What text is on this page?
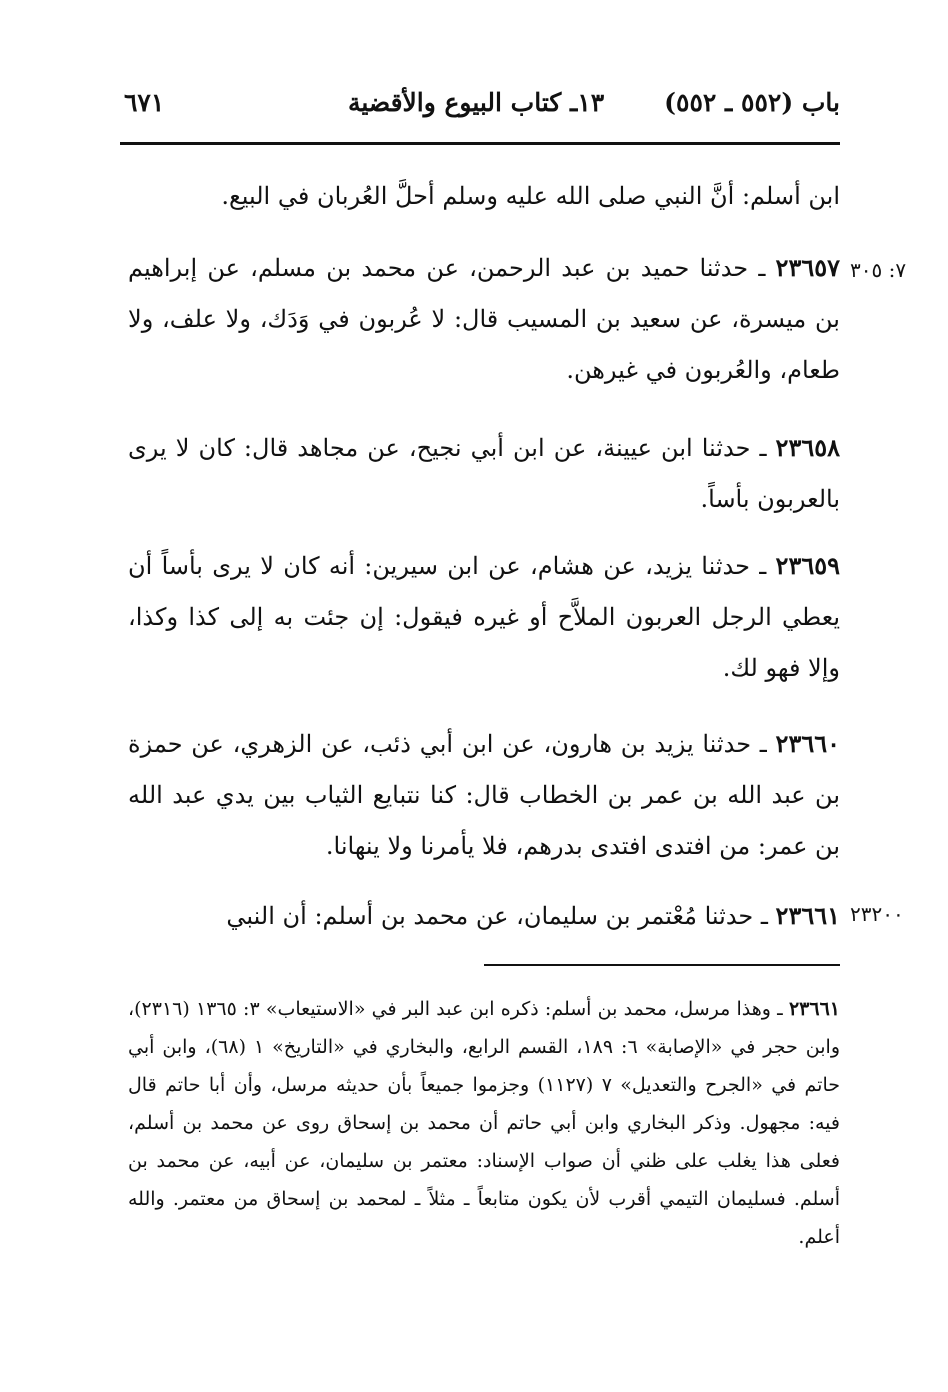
باب (٥٥٢ ـ ٥٥٢)١٣ـ كتاب البيوع والأقضية
٦٧١
٧: ٣٠٥
٢٣٢٠٠

ابن أسلم: أنَّ النبي صلى الله عليه وسلم أحلَّ العُربان في البيع.

٢٣٦٥٧ ـ حدثنا حميد بن عبد الرحمن، عن محمد بن مسلم، عن إبراهيم بن ميسرة، عن سعيد بن المسيب قال: لا عُربون في وَدَك، ولا علف، ولا طعام، والعُربون في غيرهن.

٢٣٦٥٨ ـ حدثنا ابن عيينة، عن ابن أبي نجيح، عن مجاهد قال: كان لا يرى بالعربون بأساً.

٢٣٦٥٩ ـ حدثنا يزيد، عن هشام، عن ابن سيرين: أنه كان لا يرى بأساً أن يعطي الرجل العربون الملاَّح أو غيره فيقول: إن جئت به إلى كذا وكذا، وإلا فهو لك.

٢٣٦٦٠ ـ حدثنا يزيد بن هارون، عن ابن أبي ذئب، عن الزهري، عن حمزة بن عبد الله بن عمر بن الخطاب قال: كنا نتبايع الثياب بين يدي عبد الله بن عمر: من افتدى افتدى بدرهم، فلا يأمرنا ولا ينهانا.

٢٣٦٦١ ـ حدثنا مُعْتمر بن سليمان، عن محمد بن أسلم: أن النبي

٢٣٦٦١ ـ وهذا مرسل، محمد بن أسلم: ذكره ابن عبد البر في «الاستيعاب» ٣: ١٣٦٥ (٢٣١٦)، وابن حجر في «الإصابة» ٦: ١٨٩، القسم الرابع، والبخاري في «التاريخ» ١ (٦٨)، وابن أبي حاتم في «الجرح والتعديل» ٧ (١١٢٧) وجزموا جميعاً بأن حديثه مرسل، وأن أبا حاتم قال فيه: مجهول. وذكر البخاري وابن أبي حاتم أن محمد بن إسحاق روى عن محمد بن أسلم، فعلى هذا يغلب على ظني أن صواب الإسناد: معتمر بن سليمان، عن أبيه، عن محمد بن أسلم. فسليمان التيمي أقرب لأن يكون متابعاً ـ مثلاً ـ لمحمد بن إسحاق من معتمر. والله أعلم.
